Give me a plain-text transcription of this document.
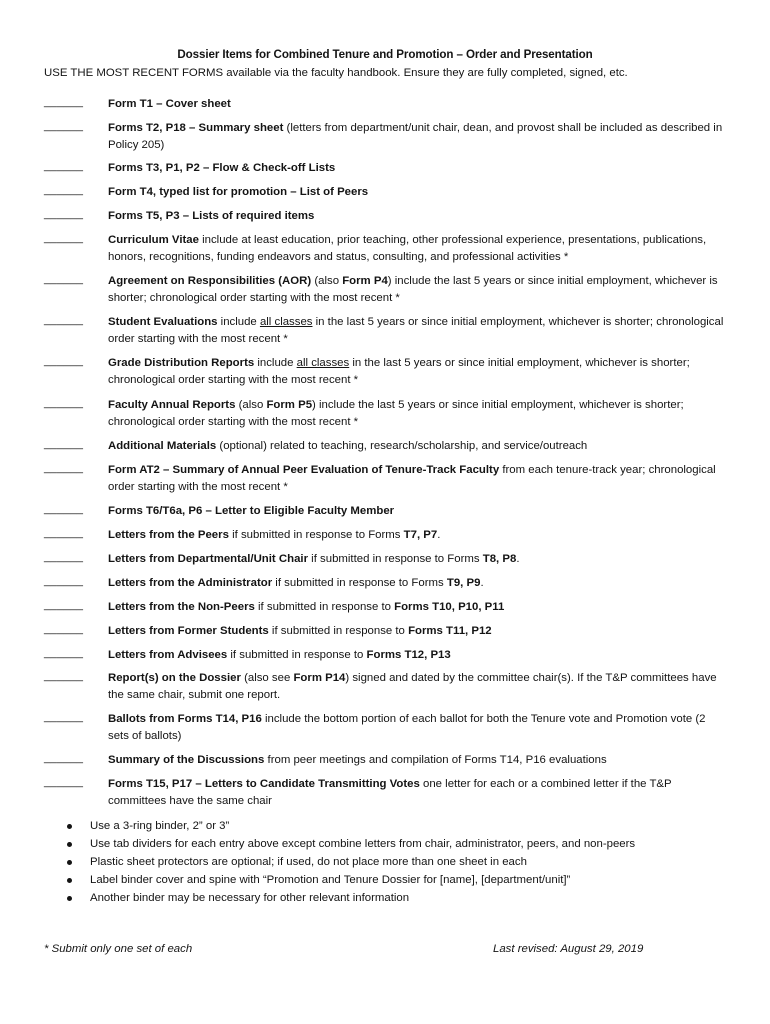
Dossier Items for Combined Tenure and Promotion – Order and Presentation
USE THE MOST RECENT FORMS available via the faculty handbook. Ensure they are fully completed, signed, etc.
______ Form T1 – Cover sheet
______ Forms T2, P18 – Summary sheet (letters from department/unit chair, dean, and provost shall be included as described in Policy 205)
______ Forms T3, P1, P2 – Flow & Check-off Lists
______ Form T4, typed list for promotion – List of Peers
______ Forms T5, P3 – Lists of required items
______ Curriculum Vitae include at least education, prior teaching, other professional experience, presentations, publications, honors, recognitions, funding endeavors and status, consulting, and professional activities *
______ Agreement on Responsibilities (AOR) (also Form P4) include the last 5 years or since initial employment, whichever is shorter; chronological order starting with the most recent *
______ Student Evaluations include all classes in the last 5 years or since initial employment, whichever is shorter; chronological order starting with the most recent *
______ Grade Distribution Reports include all classes in the last 5 years or since initial employment, whichever is shorter; chronological order starting with the most recent *
______ Faculty Annual Reports (also Form P5) include the last 5 years or since initial employment, whichever is shorter; chronological order starting with the most recent *
______ Additional Materials (optional) related to teaching, research/scholarship, and service/outreach
______ Form AT2 – Summary of Annual Peer Evaluation of Tenure-Track Faculty from each tenure-track year; chronological order starting with the most recent *
______ Forms T6/T6a, P6 – Letter to Eligible Faculty Member
______ Letters from the Peers if submitted in response to Forms T7, P7.
______ Letters from Departmental/Unit Chair if submitted in response to Forms T8, P8.
______ Letters from the Administrator if submitted in response to Forms T9, P9.
______ Letters from the Non-Peers if submitted in response to Forms T10, P10, P11
______ Letters from Former Students if submitted in response to Forms T11, P12
______ Letters from Advisees if submitted in response to Forms T12, P13
______ Report(s) on the Dossier (also see Form P14) signed and dated by the committee chair(s). If the T&P committees have the same chair, submit one report.
______ Ballots from Forms T14, P16 include the bottom portion of each ballot for both the Tenure vote and Promotion vote (2 sets of ballots)
______ Summary of the Discussions from peer meetings and compilation of Forms T14, P16 evaluations
______ Forms T15, P17 – Letters to Candidate Transmitting Votes one letter for each or a combined letter if the T&P committees have the same chair
Use a 3-ring binder, 2” or 3”
Use tab dividers for each entry above except combine letters from chair, administrator, peers, and non-peers
Plastic sheet protectors are optional; if used, do not place more than one sheet in each
Label binder cover and spine with “Promotion and Tenure Dossier for [name], [department/unit]”
Another binder may be necessary for other relevant information
* Submit only one set of each	Last revised: August 29, 2019
